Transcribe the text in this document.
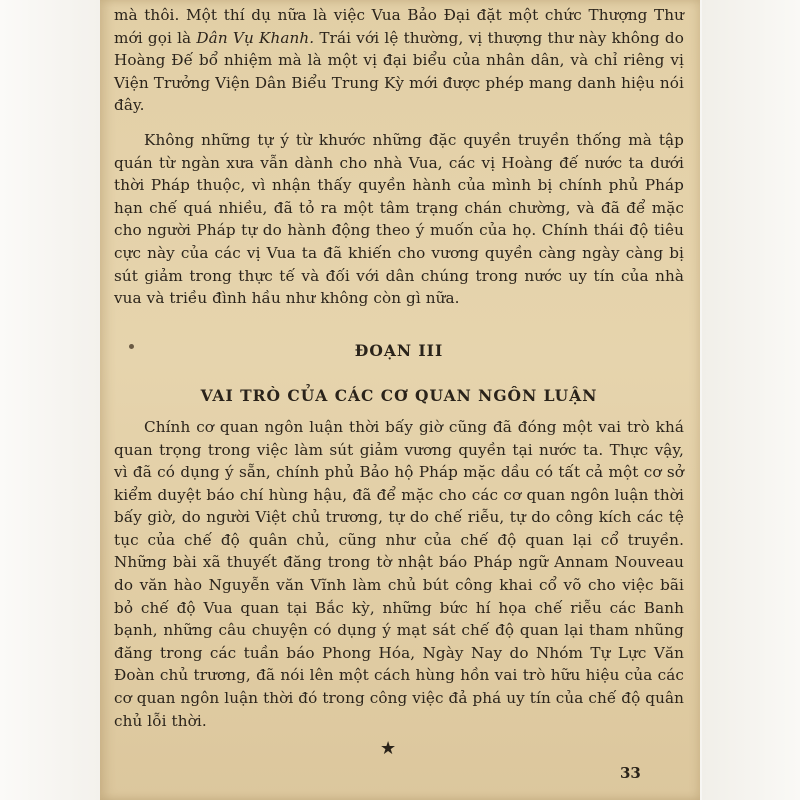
mà thôi. Một thí dụ nữa là việc Vua Bảo Đại đặt một chức Thượng Thư mới gọi là Dân Vụ Khanh. Trái với lệ thường, vị thượng thư này không do Hoàng Đế bổ nhiệm mà là một vị đại biểu của nhân dân, và chỉ riêng vị Viện Trưởng Viện Dân Biểu Trung Kỳ mới được phép mang danh hiệu nói đây.

Không những tự ý từ khước những đặc quyền truyền thống mà tập quán từ ngàn xưa vẫn dành cho nhà Vua, các vị Hoàng đế nước ta dưới thời Pháp thuộc, vì nhận thấy quyền hành của mình bị chính phủ Pháp hạn chế quá nhiều, đã tỏ ra một tâm trạng chán chường, và đã để mặc cho người Pháp tự do hành động theo ý muốn của họ. Chính thái độ tiêu cực này của các vị Vua ta đã khiến cho vương quyền càng ngày càng bị sút giảm trong thực tế và đối với dân chúng trong nước uy tín của nhà vua và triều đình hầu như không còn gì nữa.

ĐOẠN III

VAI TRÒ CỦA CÁC CƠ QUAN NGÔN LUẬN

Chính cơ quan ngôn luận thời bấy giờ cũng đã đóng một vai trò khá quan trọng trong việc làm sút giảm vương quyền tại nước ta. Thực vậy, vì đã có dụng ý sẵn, chính phủ Bảo hộ Pháp mặc dầu có tất cả một cơ sở kiểm duyệt báo chí hùng hậu, đã để mặc cho các cơ quan ngôn luận thời bấy giờ, do người Việt chủ trương, tự do chế riễu, tự do công kích các tệ tục của chế độ quân chủ, cũng như của chế độ quan lại cổ truyền. Những bài xã thuyết đăng trong tờ nhật báo Pháp ngữ Annam Nouveau do văn hào Nguyễn văn Vĩnh làm chủ bút công khai cổ võ cho việc bãi bỏ chế độ Vua quan tại Bắc kỳ, những bức hí họa chế riễu các Banh bạnh, những câu chuyện có dụng ý mạt sát chế độ quan lại tham nhũng đăng trong các tuần báo Phong Hóa, Ngày Nay do Nhóm Tự Lực Văn Đoàn chủ trương, đã nói lên một cách hùng hồn vai trò hữu hiệu của các cơ quan ngôn luận thời đó trong công việc đả phá uy tín của chế độ quân chủ lỗi thời.

★
33
